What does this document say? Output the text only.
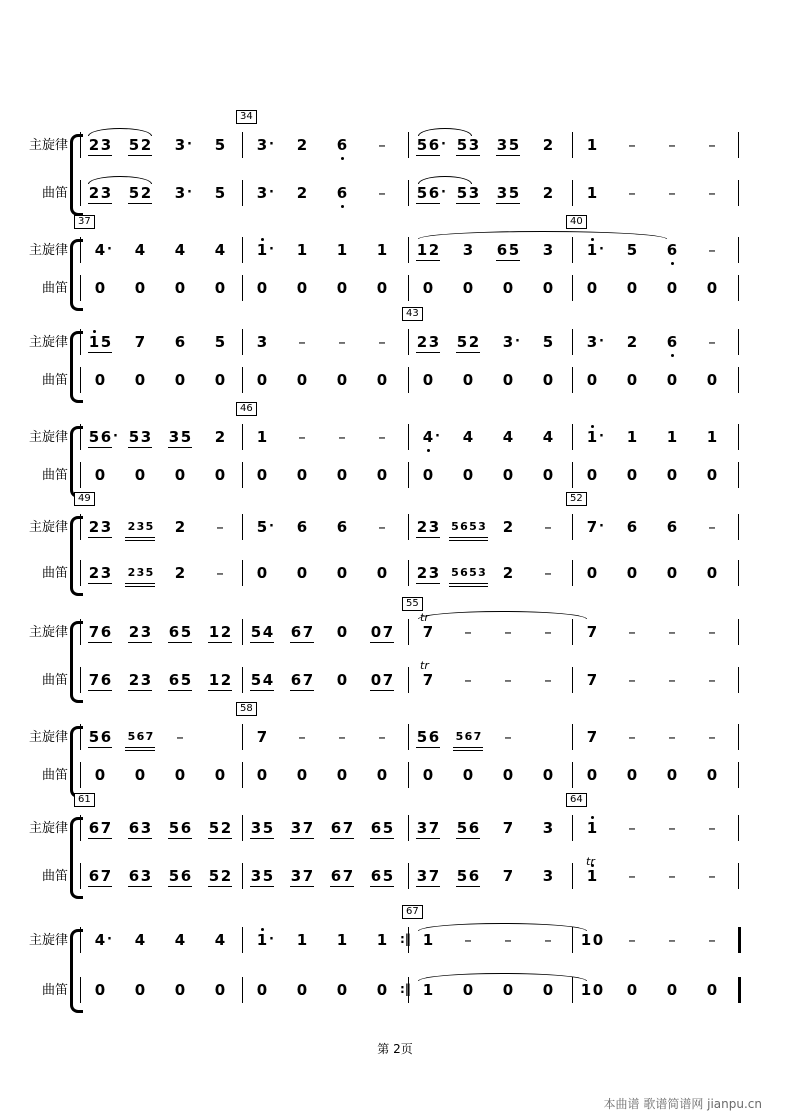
第 2页
本曲谱 歌谱简谱网 jianpu.cn
主旋律
曲笛
34
2 3 5 2 3 · 5 3 · 2 6 – 5 6 · 5 3 3 5 2 1 – – –
2 3 5 2 3 · 5 3 · 2 6 – 5 6 · 5 3 3 5 2 1 – – –
主旋律
曲笛
37	40
4 · 4 4 4 1 · 1 1 1 1 2 3 6 5 3 1 · 5 6 –
0 0 0 0 0 0 0 0 0 0 0 0 0 0 0 0
主旋律
曲笛
43
1 5 7 6 5 3 – – – 2 3 5 2 3 · 5 3 · 2 6 –
0 0 0 0 0 0 0 0 0 0 0 0 0 0 0 0
主旋律
曲笛
46
5 6 · 5 3 3 5 2 1 – – – 4 · 4 4 4 1 · 1 1 1
0 0 0 0 0 0 0 0 0 0 0 0 0 0 0 0
主旋律
曲笛
49	52
2 3 2 3 5 2 – 5 · 6 6 – 2 3 5 6 5 3 2 – 7 · 6 6 –
2 3 2 3 5 2 – 0 0 0 0 2 3 5 6 5 3 2 – 0 0 0 0
主旋律
曲笛
55
7 6 2 3 6 5 1 2 5 4 6 7 0 0 7 7 – – – 7 – – –
7 6 2 3 6 5 1 2 5 4 6 7 0 0 7 7 – – – 7 – – –
tr
tr
主旋律
曲笛
58
5 6 5 6 7 –	7 – – – 5 6 5 6 7 –	7 – – –
0 0 0 0 0 0 0 0 0 0 0 0 0 0 0 0
主旋律
曲笛
61	64
6 7 6 3 5 6 5 2 3 5 3 7 6 7 6 5 3 7 5 6 7 3 1 – – –
6 7 6 3 5 6 5 2 3 5 3 7 6 7 6 5 3 7 5 6 7 3 1 – – –
tr
主旋律
曲笛
67
4 · 4 4 4 1 · 1 1 1 1 – – – 1 0 – – –
0 0 0 0 0 0 0 0 1 0 0 0 1 0 0 0 0
:‖
:‖
